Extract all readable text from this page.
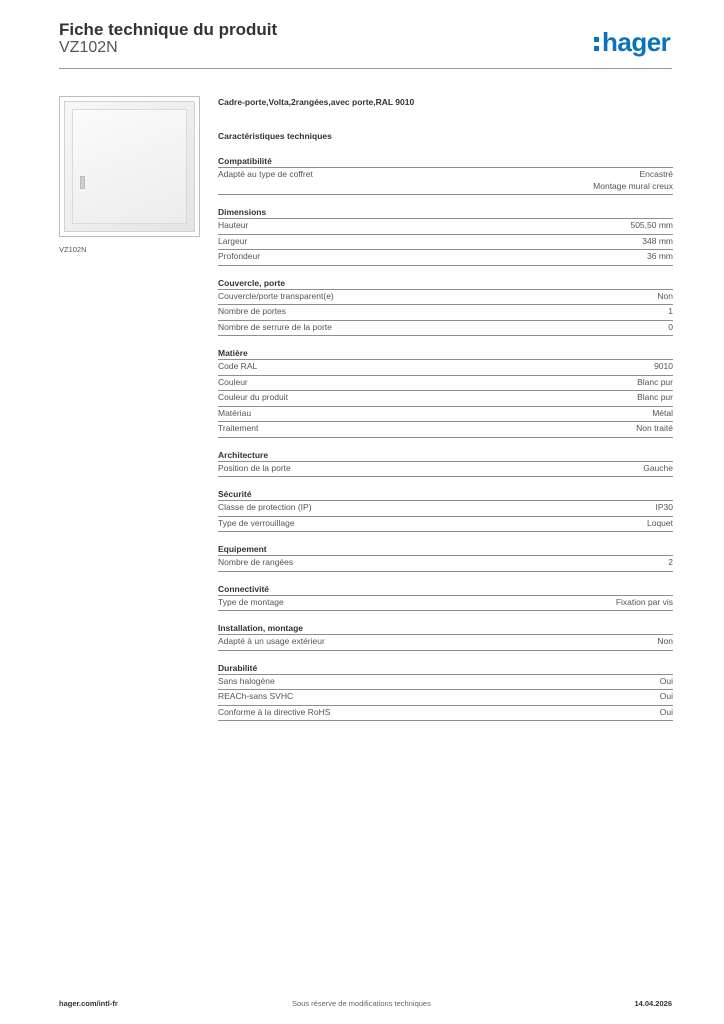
Fiche technique du produit
VZ102N	hager
VZ102N
Cadre-porte,Volta,2rangées,avec porte,RAL 9010
Caractéristiques techniques
Compatibilité
Adapté au type de coffret	Encastré
Montage mural creux
Dimensions
Hauteur	505,50 mm
Largeur	348 mm
Profondeur	36 mm
Couvercle, porte
Couvercle/porte transparent(e)	Non
Nombre de portes	1
Nombre de serrure de la porte	0
Matière
Code RAL	9010
Couleur	Blanc pur
Couleur du produit	Blanc pur
Matériau	Métal
Traitement	Non traité
Architecture
Position de la porte	Gauche
Sécurité
Classe de protection (IP)	IP30
Type de verrouillage	Loquet
Equipement
Nombre de rangées	2
Connectivité
Type de montage	Fixation par vis
Installation, montage
Adapté à un usage extérieur	Non
Durabilité
Sans halogène	Oui
REACh-sans SVHC	Oui
Conforme à la directive RoHS	Oui
hager.com/intl-fr	Sous réserve de modifications techniques	14.04.2026
